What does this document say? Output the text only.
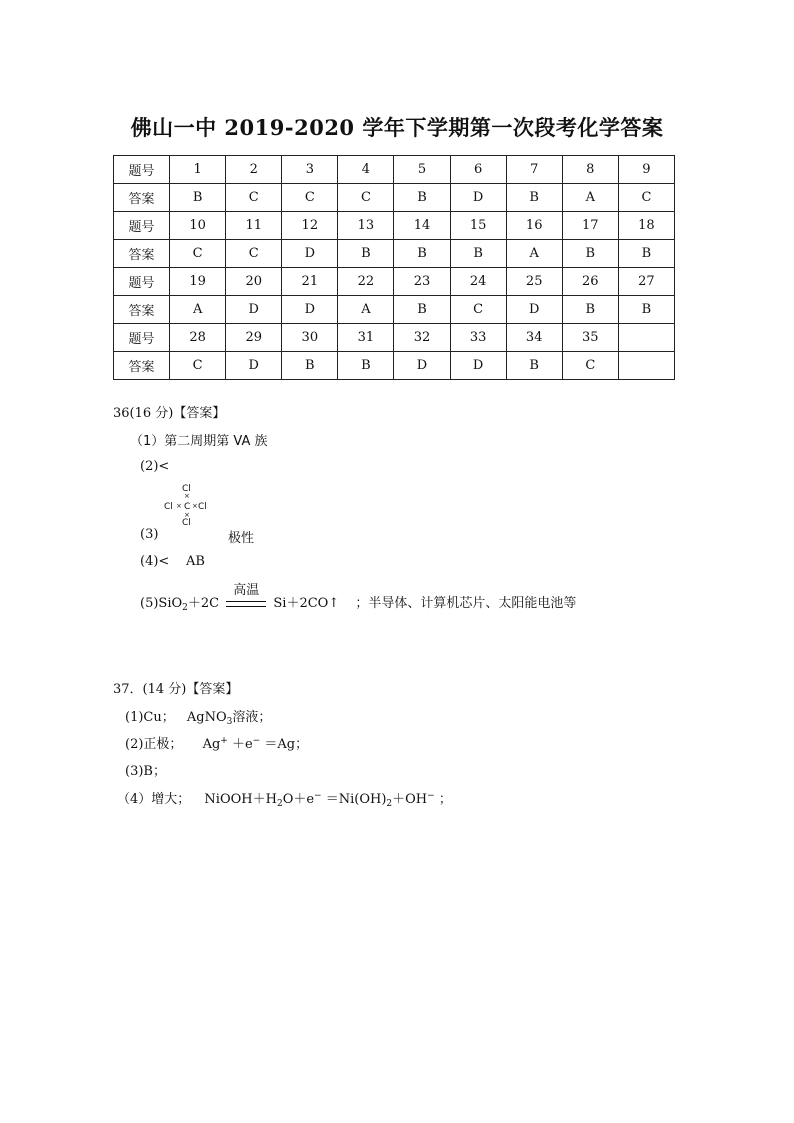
佛山一中 2019-2020 学年下学期第一次段考化学答案
题号	1	2	3	4	5	6	7	8	9
答案	B	C	C	C	B	D	B	A	C
题号	10	11	12	13	14	15	16	17	18
答案	C	C	D	B	B	B	A	B	B
题号	19	20	21	22	23	24	25	26	27
答案	A	D	D	A	B	C	D	B	B
题号	28	29	30	31	32	33	34	35	
答案	C	D	B	B	D	D	B	C	
36(16 分)【答案】
（1）第二周期第 VA 族
(2)<
Cl
×
Cl × C × Cl
×
Cl
(3)	极性
(4)< AB
(5)SiO$_2$＋2C
高温
Si＋2CO↑ ；半导体、计算机芯片、太阳能电池等
37．(14 分)【答案】
(1)Cu； AgNO$_3$溶液；
(2)正极； Ag+ ＋e− ＝Ag；
(3)B；
（4）增大； $NiOOH+H_2O+e^- =Ni(OH)_2+OH^-$ ；
